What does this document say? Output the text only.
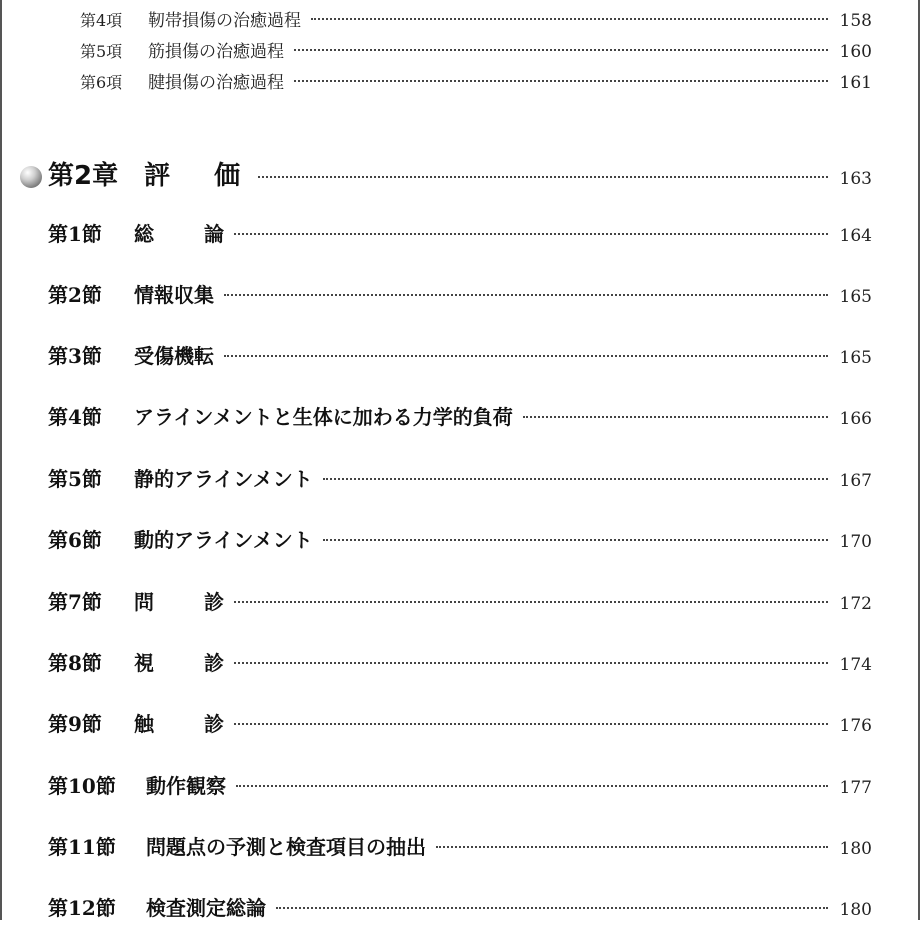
第4項	靭帯損傷の治癒過程	158
第5項	筋損傷の治癒過程	160
第6項	腱損傷の治癒過程	161
第2章 評価	163
第1節	総論	164
第2節	情報収集	165
第3節	受傷機転	165
第4節	アラインメントと生体に加わる力学的負荷	166
第5節	静的アラインメント	167
第6節	動的アラインメント	170
第7節	問診	172
第8節	視診	174
第9節	触診	176
第10節	動作観察	177
第11節	問題点の予測と検査項目の抽出	180
第12節	検査測定総論	180
